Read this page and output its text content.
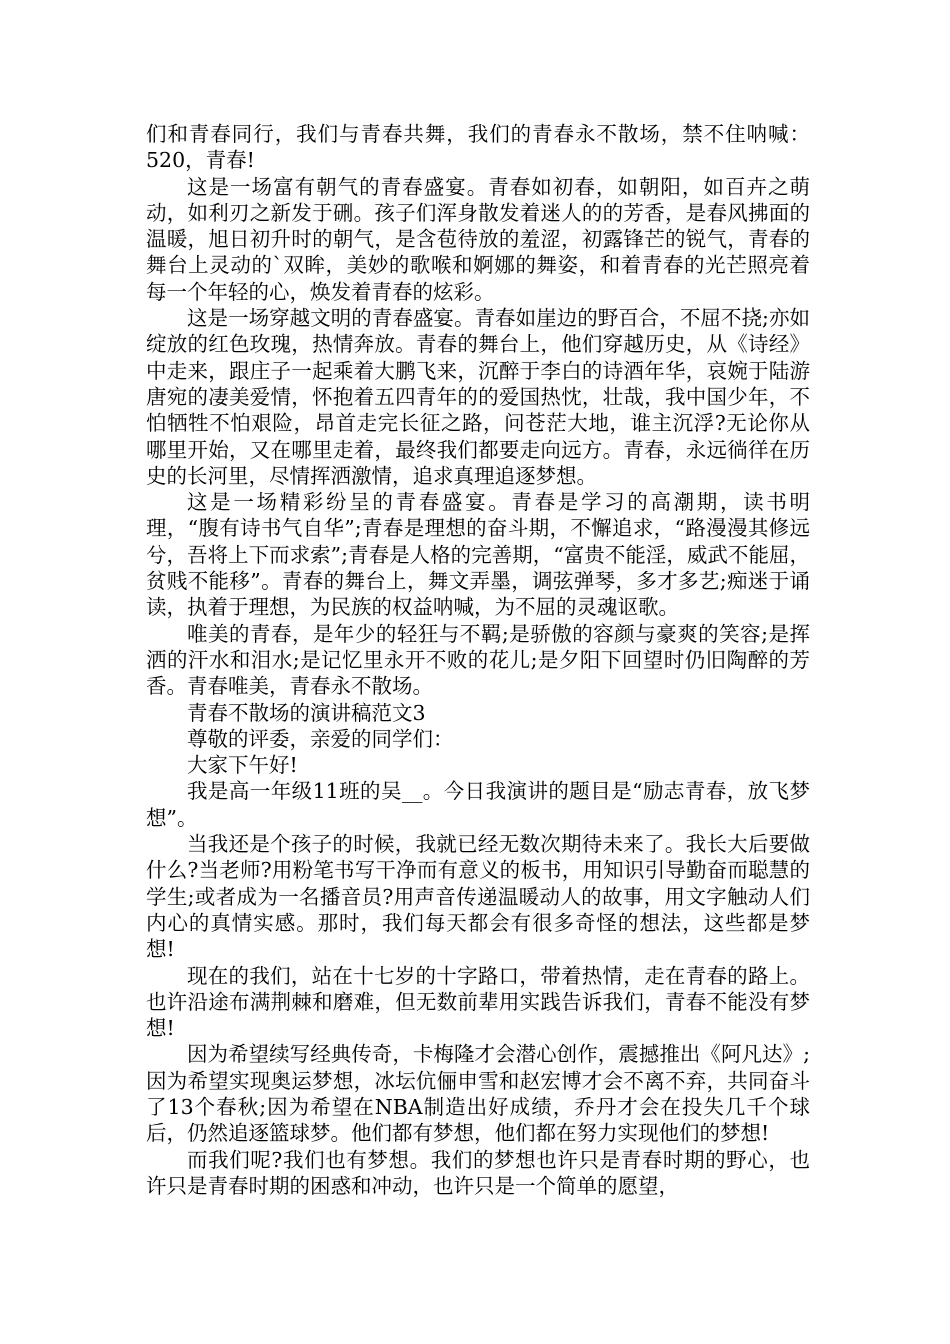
们和青春同行，我们与青春共舞，我们的青春永不散场，禁不住呐喊：520，青春!

这是一场富有朝气的青春盛宴。青春如初春，如朝阳，如百卉之萌动，如利刃之新发于硎。孩子们浑身散发着迷人的的芳香，是春风拂面的温暖，旭日初升时的朝气，是含苞待放的羞涩，初露锋芒的锐气，青春的舞台上灵动的`双眸，美妙的歌喉和婀娜的舞姿，和着青春的光芒照亮着每一个年轻的心，焕发着青春的炫彩。

这是一场穿越文明的青春盛宴。青春如崖边的野百合，不屈不挠;亦如绽放的红色玫瑰，热情奔放。青春的舞台上，他们穿越历史，从《诗经》中走来，跟庄子一起乘着大鹏飞来，沉醉于李白的诗酒年华，哀婉于陆游唐宛的凄美爱情，怀抱着五四青年的的爱国热忱，壮哉，我中国少年，不怕牺牲不怕艰险，昂首走完长征之路，问苍茫大地，谁主沉浮?无论你从哪里开始，又在哪里走着，最终我们都要走向远方。青春，永远徜徉在历史的长河里，尽情挥洒激情，追求真理追逐梦想。

这是一场精彩纷呈的青春盛宴。青春是学习的高潮期，读书明理，“腹有诗书气自华”;青春是理想的奋斗期，不懈追求，“路漫漫其修远兮，吾将上下而求索”;青春是人格的完善期，“富贵不能淫，威武不能屈，贫贱不能移”。青春的舞台上，舞文弄墨，调弦弹琴，多才多艺;痴迷于诵读，执着于理想，为民族的权益呐喊，为不屈的灵魂讴歌。

唯美的青春，是年少的轻狂与不羁;是骄傲的容颜与豪爽的笑容;是挥洒的汗水和泪水;是记忆里永开不败的花儿;是夕阳下回望时仍旧陶醉的芳香。青春唯美，青春永不散场。

青春不散场的演讲稿范文3

尊敬的评委，亲爱的同学们：

大家下午好!

我是高一年级11班的吴__。今日我演讲的题目是“励志青春，放飞梦想”。

当我还是个孩子的时候，我就已经无数次期待未来了。我长大后要做什么?当老师?用粉笔书写干净而有意义的板书，用知识引导勤奋而聪慧的学生;或者成为一名播音员?用声音传递温暖动人的故事，用文字触动人们内心的真情实感。那时，我们每天都会有很多奇怪的想法，这些都是梦想!

现在的我们，站在十七岁的十字路口，带着热情，走在青春的路上。也许沿途布满荆棘和磨难，但无数前辈用实践告诉我们，青春不能没有梦想!

因为希望续写经典传奇，卡梅隆才会潜心创作，震撼推出《阿凡达》;因为希望实现奥运梦想，冰坛伉俪申雪和赵宏博才会不离不弃，共同奋斗了13个春秋;因为希望在NBA制造出好成绩，乔丹才会在投失几千个球后，仍然追逐篮球梦。他们都有梦想，他们都在努力实现他们的梦想!

而我们呢?我们也有梦想。我们的梦想也许只是青春时期的野心，也许只是青春时期的困惑和冲动，也许只是一个简单的愿望，
